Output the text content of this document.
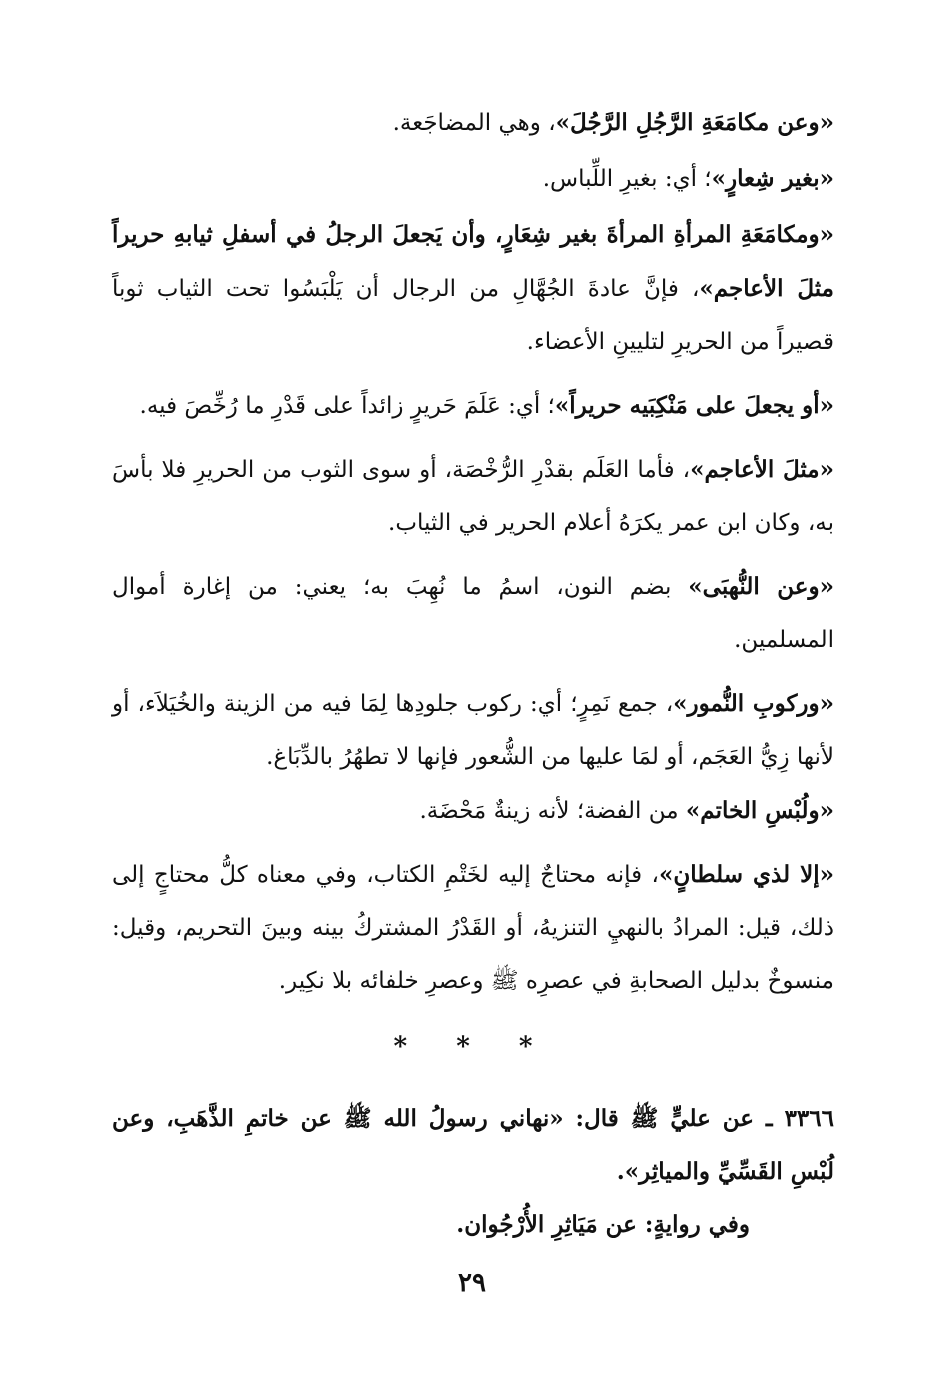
«وعن مكامَعَةِ الرَّجُلِ الرَّجُلَ»، وهي المضاجَعة.

«بغير شِعارٍ»؛ أي: بغيرِ اللِّباس.

«ومكامَعَةِ المرأةِ المرأةَ بغير شِعَارٍ، وأن يَجعلَ الرجلُ في أسفلِ ثيابهِ حريراً مثلَ الأعاجم»، فإنَّ عادةَ الجُهَّالِ من الرجال أن يَلْبَسُوا تحت الثياب ثوباً قصيراً من الحريرِ لتليينِ الأعضاء.

«أو يجعلَ على مَنْكِبَيه حريراً»؛ أي: عَلَمَ حَريرٍ زائداً على قَدْرِ ما رُخِّصَ فيه.

«مثلَ الأعاجم»، فأما العَلَم بقدْرِ الرُّخْصَة، أو سوى الثوب من الحريرِ فلا بأسَ به، وكان ابن عمر يكرَهُ أعلام الحرير في الثياب.

«وعن النُّهبَى» بضم النون، اسمُ ما نُهِبَ به؛ يعني: من إغارة أموال المسلمين.

«وركوبِ النُّمور»، جمع نَمِرٍ؛ أي: ركوب جلودِها لِمَا فيه من الزينة والخُيَلاَء، أو لأنها زِيُّ العَجَم، أو لمَا عليها من الشُّعور فإنها لا تطهُرُ بالدِّبَاغ.

«ولُبْسِ الخاتم» من الفضة؛ لأنه زينةٌ مَحْضَة.

«إلا لذي سلطانٍ»، فإنه محتاجٌ إليه لخَتْمِ الكتاب، وفي معناه كلُّ محتاجٍ إلى ذلك، قيل: المرادُ بالنهيِ التنزيهُ، أو القَدْرُ المشتركُ بينه وبينَ التحريم، وقيل: منسوخٌ بدليل الصحابةِ في عصرِه ﷺ وعصرِ خلفائه بلا نكِير.

* * *

٣٣٦٦ ـ عن عليٍّ ﷺ قال: «نهاني رسولُ الله ﷺ عن خاتمِ الذَّهَبِ، وعن لُبْسِ القَسِّيِّ والمياثِر».

وفي روايةٍ: عن مَيَاثِرِ الأُرْجُوان.

٢٩
